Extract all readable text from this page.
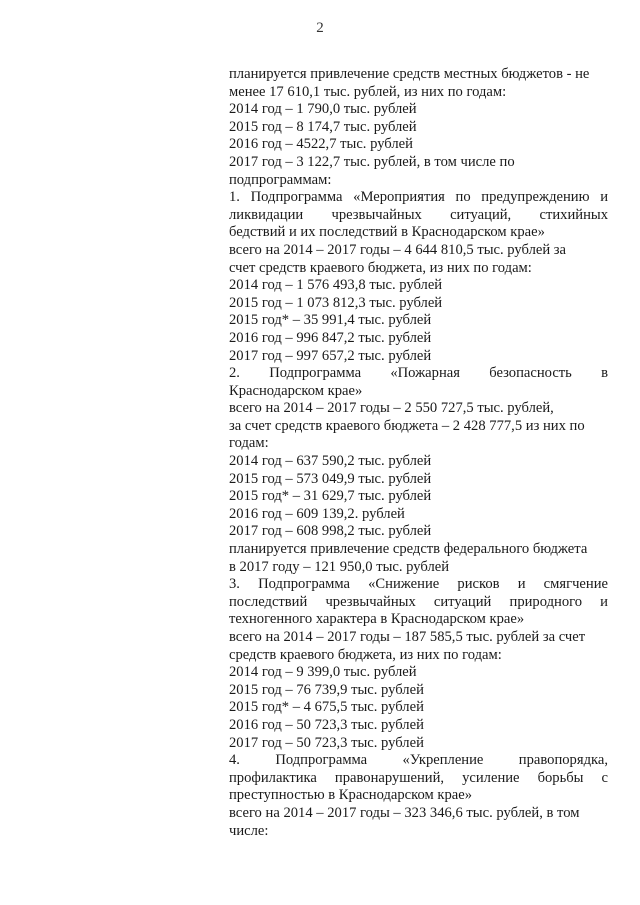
2
планируется привлечение средств местных бюджетов - не
менее 17 610,1 тыс. рублей, из них по годам:
2014 год – 1 790,0 тыс. рублей
2015 год – 8 174,7 тыс. рублей
2016 год – 4522,7 тыс. рублей
2017 год – 3 122,7 тыс. рублей, в том числе по
подпрограммам:
1. Подпрограмма «Мероприятия по предупреждению и
ликвидации чрезвычайных ситуаций, стихийных
бедствий и их последствий в Краснодарском крае»
всего на 2014 – 2017 годы – 4 644 810,5 тыс. рублей за
счет средств краевого бюджета, из них по годам:
2014 год – 1 576 493,8 тыс. рублей
2015 год – 1 073 812,3 тыс. рублей
2015 год* – 35 991,4 тыс. рублей
2016 год – 996 847,2 тыс. рублей
2017 год – 997 657,2 тыс. рублей
2. Подпрограмма «Пожарная безопасность в
Краснодарском крае»
всего на 2014 – 2017 годы – 2 550 727,5 тыс. рублей,
за счет средств краевого бюджета – 2 428 777,5 из них по
годам:
2014 год – 637 590,2 тыс. рублей
2015 год – 573 049,9 тыс. рублей
2015 год* – 31 629,7 тыс. рублей
2016 год – 609 139,2. рублей
2017 год – 608 998,2 тыс. рублей
планируется привлечение средств федерального бюджета
в 2017 году – 121 950,0 тыс. рублей
3. Подпрограмма «Снижение рисков и смягчение
последствий чрезвычайных ситуаций природного и
техногенного характера в Краснодарском крае»
всего на 2014 – 2017 годы – 187 585,5 тыс. рублей за счет
средств краевого бюджета, из них по годам:
2014 год – 9 399,0 тыс. рублей
2015 год – 76 739,9 тыс. рублей
2015 год* – 4 675,5 тыс. рублей
2016 год – 50 723,3 тыс. рублей
2017 год – 50 723,3 тыс. рублей
4. Подпрограмма «Укрепление правопорядка,
профилактика правонарушений, усиление борьбы с
преступностью в Краснодарском крае»
всего на 2014 – 2017 годы – 323 346,6 тыс. рублей, в том
числе:
